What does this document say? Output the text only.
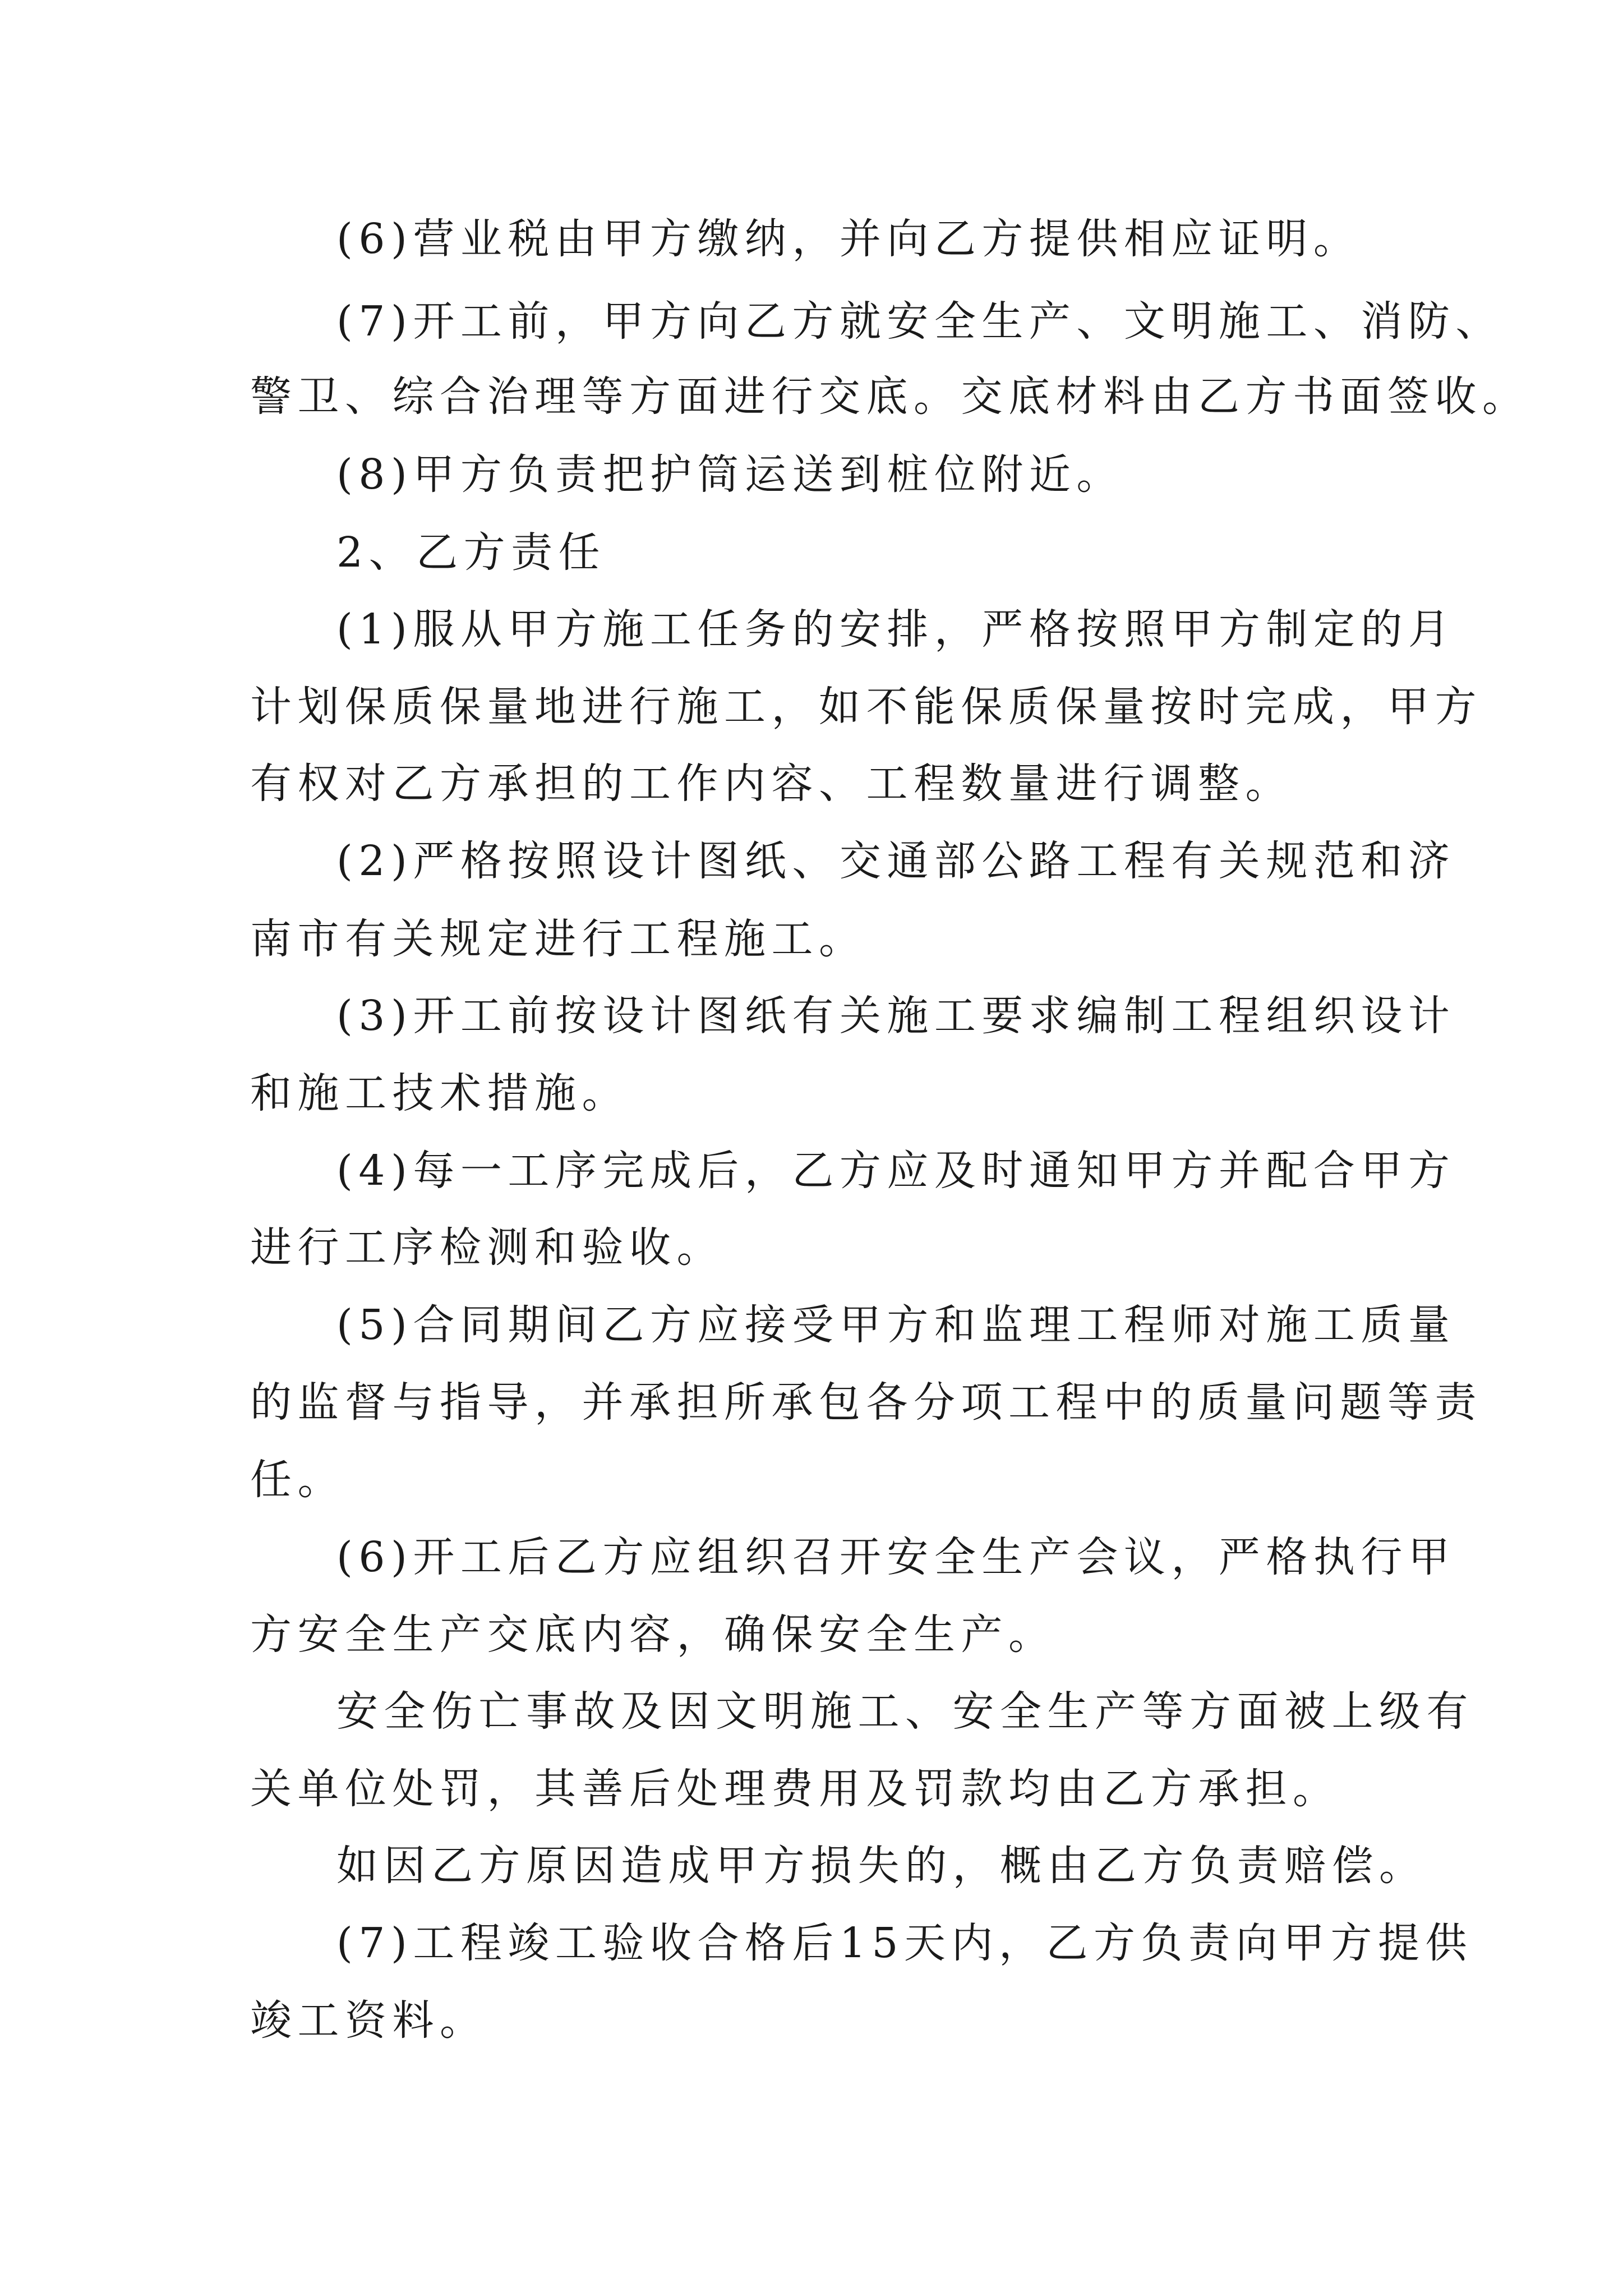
(6)营业税由甲方缴纳，并向乙方提供相应证明。
(7)开工前，甲方向乙方就安全生产、文明施工、消防、
警卫、综合治理等方面进行交底。交底材料由乙方书面签收。
(8)甲方负责把护筒运送到桩位附近。
2、乙方责任
(1)服从甲方施工任务的安排，严格按照甲方制定的月
计划保质保量地进行施工，如不能保质保量按时完成，甲方
有权对乙方承担的工作内容、工程数量进行调整。
(2)严格按照设计图纸、交通部公路工程有关规范和济
南市有关规定进行工程施工。
(3)开工前按设计图纸有关施工要求编制工程组织设计
和施工技术措施。
(4)每一工序完成后，乙方应及时通知甲方并配合甲方
进行工序检测和验收。
(5)合同期间乙方应接受甲方和监理工程师对施工质量
的监督与指导，并承担所承包各分项工程中的质量问题等责
任。
(6)开工后乙方应组织召开安全生产会议，严格执行甲
方安全生产交底内容，确保安全生产。
安全伤亡事故及因文明施工、安全生产等方面被上级有
关单位处罚，其善后处理费用及罚款均由乙方承担。
如因乙方原因造成甲方损失的，概由乙方负责赔偿。
(7)工程竣工验收合格后15天内，乙方负责向甲方提供
竣工资料。
